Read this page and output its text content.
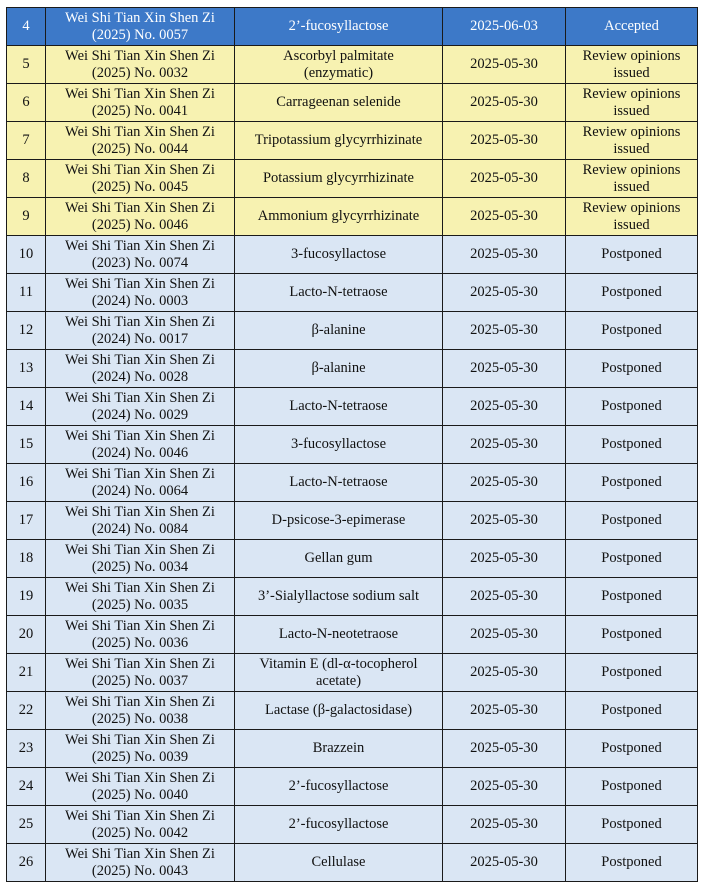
4	Wei Shi Tian Xin Shen Zi
(2025) No. 0057	2’-fucosyllactose	2025-06-03	Accepted
5	Wei Shi Tian Xin Shen Zi
(2025) No. 0032	Ascorbyl palmitate
(enzymatic)	2025-05-30	Review opinions
issued
6	Wei Shi Tian Xin Shen Zi
(2025) No. 0041	Carrageenan selenide	2025-05-30	Review opinions
issued
7	Wei Shi Tian Xin Shen Zi
(2025) No. 0044	Tripotassium glycyrrhizinate	2025-05-30	Review opinions
issued
8	Wei Shi Tian Xin Shen Zi
(2025) No. 0045	Potassium glycyrrhizinate	2025-05-30	Review opinions
issued
9	Wei Shi Tian Xin Shen Zi
(2025) No. 0046	Ammonium glycyrrhizinate	2025-05-30	Review opinions
issued
10	Wei Shi Tian Xin Shen Zi
(2023) No. 0074	3-fucosyllactose	2025-05-30	Postponed
11	Wei Shi Tian Xin Shen Zi
(2024) No. 0003	Lacto-N-tetraose	2025-05-30	Postponed
12	Wei Shi Tian Xin Shen Zi
(2024) No. 0017	β-alanine	2025-05-30	Postponed
13	Wei Shi Tian Xin Shen Zi
(2024) No. 0028	β-alanine	2025-05-30	Postponed
14	Wei Shi Tian Xin Shen Zi
(2024) No. 0029	Lacto-N-tetraose	2025-05-30	Postponed
15	Wei Shi Tian Xin Shen Zi
(2024) No. 0046	3-fucosyllactose	2025-05-30	Postponed
16	Wei Shi Tian Xin Shen Zi
(2024) No. 0064	Lacto-N-tetraose	2025-05-30	Postponed
17	Wei Shi Tian Xin Shen Zi
(2024) No. 0084	D-psicose-3-epimerase	2025-05-30	Postponed
18	Wei Shi Tian Xin Shen Zi
(2025) No. 0034	Gellan gum	2025-05-30	Postponed
19	Wei Shi Tian Xin Shen Zi
(2025) No. 0035	3’-Sialyllactose sodium salt	2025-05-30	Postponed
20	Wei Shi Tian Xin Shen Zi
(2025) No. 0036	Lacto-N-neotetraose	2025-05-30	Postponed
21	Wei Shi Tian Xin Shen Zi
(2025) No. 0037	Vitamin E (dl-α-tocopherol
acetate)	2025-05-30	Postponed
22	Wei Shi Tian Xin Shen Zi
(2025) No. 0038	Lactase (β-galactosidase)	2025-05-30	Postponed
23	Wei Shi Tian Xin Shen Zi
(2025) No. 0039	Brazzein	2025-05-30	Postponed
24	Wei Shi Tian Xin Shen Zi
(2025) No. 0040	2’-fucosyllactose	2025-05-30	Postponed
25	Wei Shi Tian Xin Shen Zi
(2025) No. 0042	2’-fucosyllactose	2025-05-30	Postponed
26	Wei Shi Tian Xin Shen Zi
(2025) No. 0043	Cellulase	2025-05-30	Postponed
